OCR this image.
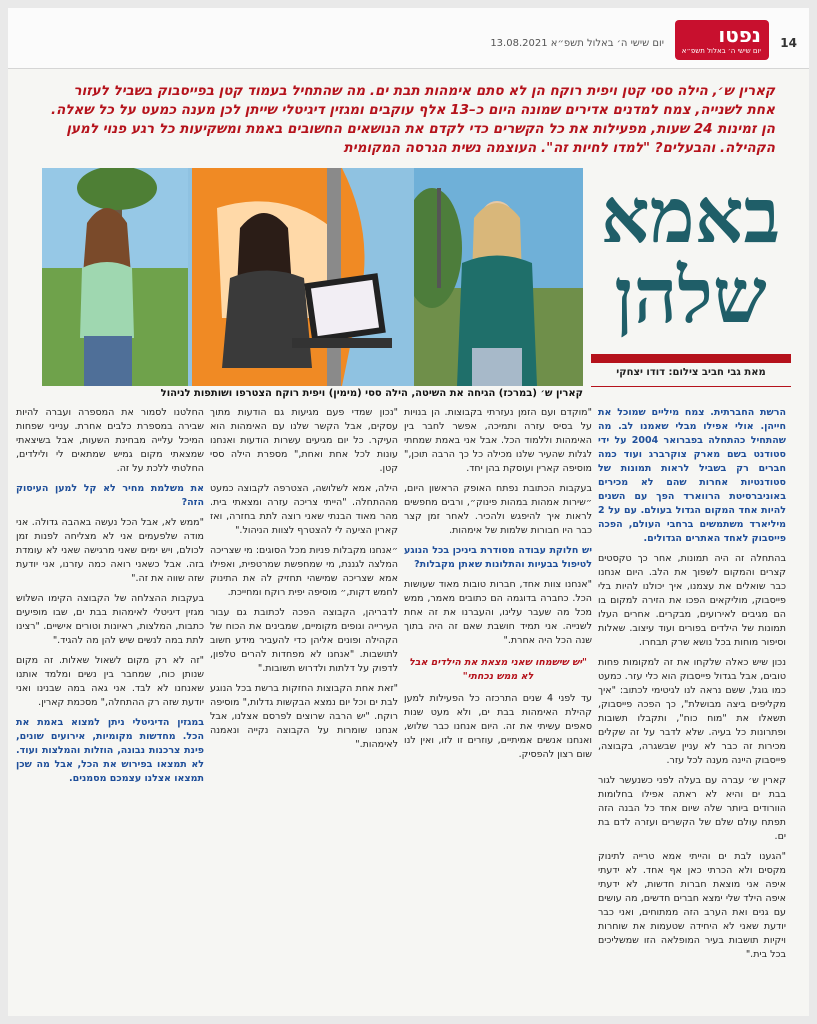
14
נפטו
יום שישי ה׳ באלול תשפ״א
יום שישי ה׳ באלול תשפ״א 13.08.2021
קארין ש׳, הילה ססי קטן ויפית רוקח הן לא סתם אימהות תבת ים. מה שהתחיל בעמוד קטן בפייסבוק בשביל לעזור אחת לשנייה, צמח למדנים אדירים שמונה היום כ–13 אלף עוקבים ומגזין דיגיטלי שייתן לכן מענה כמעט על כל שאלה. הן זמינות 24 שעות, מפעילות את כל הקשרים כדי לקדם את הנושאים החשובים באמת ומשקיעות כל רגע פנוי למען הקהילה. והבעלים? "למדו לחיות זה". העוצמה נשית הגרסה המקומית
קארין ש׳ (במרכז) הגיחה את השיטה, הילה ססי (מימין) ויפית רוקח הצטרפו ושותפות לניהול
באמא
שלהן
מאת גבי חביב צילום: דודו יצחקי

הרשת החברתית. צמח מיליים שמוכל את חייהן. אולי אפילו מבלי שאמנו לב. מה שהתחיל כהתחלה בפברואר 2004 על ידי סטודנט בשם מארק צוקרברג ועוד כמה חברים רק בשביל לראות תמונות של סטודנטיות אחרות שהם לא מכירים באוניברסיטת הרווארד הפך עם השנים להיות אחד המקום הגדול בעולם. עם על 2 מיליארד משתמשים ברחבי העולם, הפכה פייסבוק לאחד האתרים הגדולים.

בהתחלה זה היה תמונות, אחר כך טקסטים קצרים והמקום לשפוך את הלב. היום אנחנו כבר שואלים את עצמנו, איך יכולנו להיות בלי פייסבוק, מוליקאים הפכו את הזירה למקום בו הם מגיבים לאירועים, מבקרים. אחרים העלו תמונות של הילדים בפורים ועוד עיצוב. שאלות וסיפור מוחות בכל נושא שרק תבחרו.

נכון שיש כאלה שלקחו את זה למקומות פחות טובים, אבל בגדול פייסבוק הוא כלי עזר. כמעט כמו גוגל, ששם נראה לנו לגיטימי לכתוב: "איך מקליפים ביצה מבושלת", כך הפכה פייסבוק, תשאלו את "מוח כוח", ותקבלו תשובות ופתרונות כל בעיה. שלא לדבר על זה שקלים מכירות זה כבר לא עניין שבשגרה, בקבוצה, פייסבוק היינה מענה לכל עזר.

קארין ש׳ עברה עם בעלה לפני כשנעשר לגור בבת ים והיא לא ראתה אפילו בחלומות הוורודים ביותר שלה שיום אחד כל הבנה הזה תפתח עולם שלם של הקשרים ועזרה לדם בת ים.

"הגענו לבת ים והייתי אמא טרייה לתינוק מקסים ולא הכרתי כאן אף אחד. לא ידעתי איפה אני מוצאת חברות חדשות, לא ידעתי איפה הילד שלי ימצא חברים חדשים, מה עושים עם גנים ואת הערב הזה ממתוחים, ואני כבר יודעת שאני לא היחידה שטעמות את שוחרות ויקיות תושבות בעיר המופלאה הזו שמשליכים בכל בית."

"מוקדם ועם הזמן נעזרתי בקבוצות. הן בנויות על בסיס עזרה ותמיכה, אפשר לחבר בין האימהות וללמוד הכל. אבל אני באמת שמחתי לגלות שהעיר שלנו מכילה כל כך הרבה תוכן," מוסיפה קארין ועוסקת בהן יחד.

בעקבות הכתובת נפתח האופק הראשון היום, ״שירות אמהות במהות פינוק״, ורבים מחפשים לראות איך להיפגש ולהכיר. לאחר זמן קצר כבר היו חבורות שלמות של אימהות.

יש חלוקת עבודה מסודרת ביניכן בכל הנוגע לטיפול בבעיות והתלונות שאתן מקבלות?

"אנחנו צוות אחד, חברות טובות מאוד שעושות הכל. כחברה בדוגמה הם כתובים מאמר, ממש מכל מה שעבר עלינו, והעברנו את זה אחת לשנייה. אני תמיד חושבת שאם זה היה בתוך שנה הכל היה אחרת."

"יש שישמחו שאני מצאת את הילדים אבל לא ממש נכחתי"

עד לפני 4 שנים התרכזה כל הפעילות למען קהילת האימהות בבת ים, ולא מעט שנות סאפים עשיתי את זה. היום אנחנו כבר שלוש, ואנחנו אנשים אמיתיים, עוזרים זו לזו, ואין לנו שום רצון להפסיק.

"נכון שמדי פעם מגיעות גם הודעות מתוך עסקים, אבל הקשר שלנו עם האימהות הוא העיקר. כל יום מגיעים עשרות הודעות ואנחנו עונות לכל אחת ואחת," מספרת הילה ססי קטן.

הילה, אמא לשלושה, הצטרפה לקבוצה כמעט מההתחלה. "הייתי צריכה עזרה ומצאתי בית. מהר מאוד הבנתי שאני רוצה לתת בחזרה, ואז קארין הציעה לי להצטרף לצוות הניהול."

״אנחנו מקבלות פניות מכל הסוגים: מי שצריכה המלצה לגננת, מי שמחפשת שמרטפית, ואפילו אמא שצריכה שמישהי תחזיק לה את התינוק לחמש דקות,״ מוסיפה יפית רוקח ומחייכת.

לדבריהן, הקבוצה הפכה לכתובת גם עבור העירייה וגופים מקומיים, שמבינים את הכוח של הקהילה ופונים אליהן כדי להעביר מידע חשוב לתושבות. "אנחנו לא מפחדות להרים טלפון, לדפוק על דלתות ולדרוש תשובות."

"זאת אחת הקבוצות החזקות ברשת בכל הנוגע לבת ים וכל יום נמצא הבקשות גדלות," מוסיפה רוקח. "יש הרבה שרוצים לפרסם אצלנו, אבל אנחנו שומרות על הקבוצה נקייה ונאמנה לאימהות."

החלטנו לסמור את המספרה ועברה להיות שבירה במספרת כלבים אחרת. ענייני שפחות המיכל עלייה מבחינת השעות, אבל בשיצאתי שמצאתי מקום גמיש שמתאים לי ולילדים, החלטתי ללכת על זה.

את משלמת מחיר לא קל למען העיסוק הזה?

"ממש לא, אבל הכל נעשה באהבה גדולה. אני מודה שלפעמים אני לא מצליחה לפנות זמן לכולם, ויש ימים שאני מרגישה שאני לא עומדת בזה. אבל כשאני רואה כמה עזרנו, אני יודעת שזה שווה את זה."

בעקבות ההצלחה של הקבוצה הקימו השלוש מגזין דיגיטלי לאימהות בבת ים, שבו מופיעים כתבות, המלצות, ראיונות וטורים אישיים. "רצינו לתת במה לנשים שיש להן מה להגיד."

"זה לא רק מקום לשאול שאלות. זה מקום שנותן כוח, שמחבר בין נשים ומלמד אותנו שאנחנו לא לבד. אני גאה במה שבנינו ואני יודעת שזה רק ההתחלה," מסכמת קארין.

במגזין הדיגיטלי ניתן למצוא באמת את הכל. מחדשות מקומיות, אירועים שונים, פינת צרכנות נבונה, הוזלות והמלצות ועוד. לא תמצאו בפירוש את הכל, אבל מה שכן תמצאו אצלנו עצמכם מסמנים.
